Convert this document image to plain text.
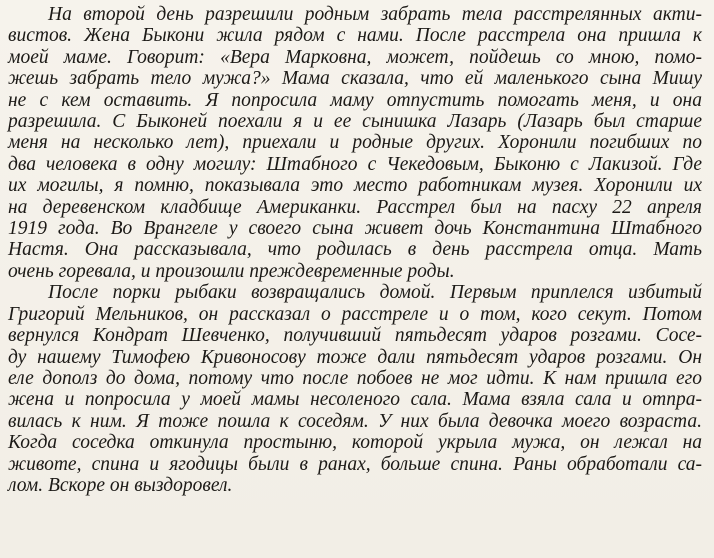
На второй день разрешили родным забрать тела расстрелянных акти-
вистов. Жена Быкони жила рядом с нами. После расстрела она пришла к
моей маме. Говорит: «Вера Марковна, может, пойдешь со мною, помо-
жешь забрать тело мужа?» Мама сказала, что ей маленького сына Мишу
не с кем оставить. Я попросила маму отпустить помогать меня, и она
разрешила. С Быконей поехали я и ее сынишка Лазарь (Лазарь был старше
меня на несколько лет), приехали и родные других. Хоронили погибших по
два человека в одну могилу: Штабного с Чекедовым, Быконю с Лакизой. Где
их могилы, я помню, показывала это место работникам музея. Хоронили их
на деревенском кладбище Американки. Расстрел был на пасху 22 апреля
1919 года. Во Врангеле у своего сына живет дочь Константина Штабного
Настя. Она рассказывала, что родилась в день расстрела отца. Мать
очень горевала, и произошли преждевременные роды.

После порки рыбаки возвращались домой. Первым приплелся избитый
Григорий Мельников, он рассказал о расстреле и о том, кого секут. Потом
вернулся Кондрат Шевченко, получивший пятьдесят ударов розгами. Сосе-
ду нашему Тимофею Кривоносову тоже дали пятьдесят ударов розгами. Он
еле дополз до дома, потому что после побоев не мог идти. К нам пришла его
жена и попросила у моей мамы несоленого сала. Мама взяла сала и отпра-
вилась к ним. Я тоже пошла к соседям. У них была девочка моего возраста.
Когда соседка откинула простыню, которой укрыла мужа, он лежал на
животе, спина и ягодицы были в ранах, больше спина. Раны обработали са-
лом. Вскоре он выздоровел.
